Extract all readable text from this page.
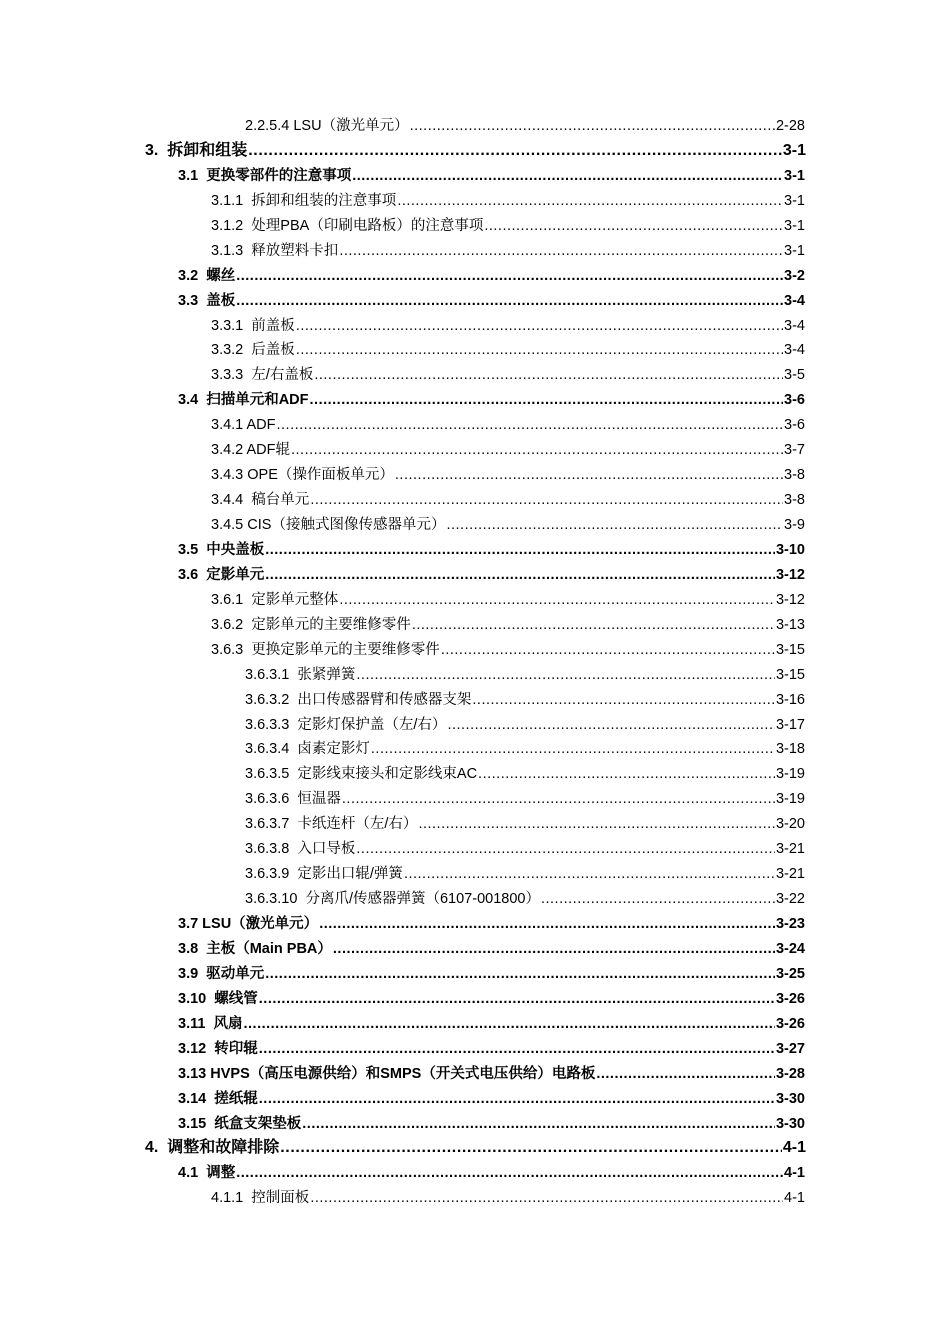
2.2.5.4 LSU（激光单元） .....	2-28
3.  拆卸和组装 .....	3-1
3.1  更换零部件的注意事项 .....	3-1
3.1.1  拆卸和组装的注意事项 .....	3-1
3.1.2  处理PBA（印刷电路板）的注意事项 .....	3-1
3.1.3  释放塑料卡扣 .....	3-1
3.2  螺丝 .....	3-2
3.3  盖板 .....	3-4
3.3.1  前盖板 .....	3-4
3.3.2  后盖板 .....	3-4
3.3.3  左/右盖板 .....	3-5
3.4  扫描单元和ADF .....	3-6
3.4.1 ADF .....	3-6
3.4.2 ADF辊 .....	3-7
3.4.3 OPE（操作面板单元） .....	3-8
3.4.4  稿台单元 .....	3-8
3.4.5 CIS（接触式图像传感器单元） .....	3-9
3.5  中央盖板 .....	3-10
3.6  定影单元 .....	3-12
3.6.1  定影单元整体 .....	3-12
3.6.2  定影单元的主要维修零件 .....	3-13
3.6.3  更换定影单元的主要维修零件 .....	3-15
3.6.3.1  张紧弹簧 .....	3-15
3.6.3.2  出口传感器臂和传感器支架 .....	3-16
3.6.3.3  定影灯保护盖（左/右） .....	3-17
3.6.3.4  卤素定影灯 .....	3-18
3.6.3.5  定影线束接头和定影线束AC .....	3-19
3.6.3.6  恒温器 .....	3-19
3.6.3.7  卡纸连杆（左/右） .....	3-20
3.6.3.8  入口导板 .....	3-21
3.6.3.9  定影出口辊/弹簧 .....	3-21
3.6.3.10  分离爪/传感器弹簧（6107-001800） .....	3-22
3.7 LSU（激光单元） .....	3-23
3.8  主板（Main PBA） .....	3-24
3.9  驱动单元 .....	3-25
3.10  螺线管 .....	3-26
3.11  风扇 .....	3-26
3.12  转印辊 .....	3-27
3.13 HVPS（高压电源供给）和SMPS（开关式电压供给）电路板 .....	3-28
3.14  搓纸辊 .....	3-30
3.15  纸盒支架垫板 .....	3-30
4.  调整和故障排除 .....	4-1
4.1  调整 .....	4-1
4.1.1  控制面板 .....	4-1
